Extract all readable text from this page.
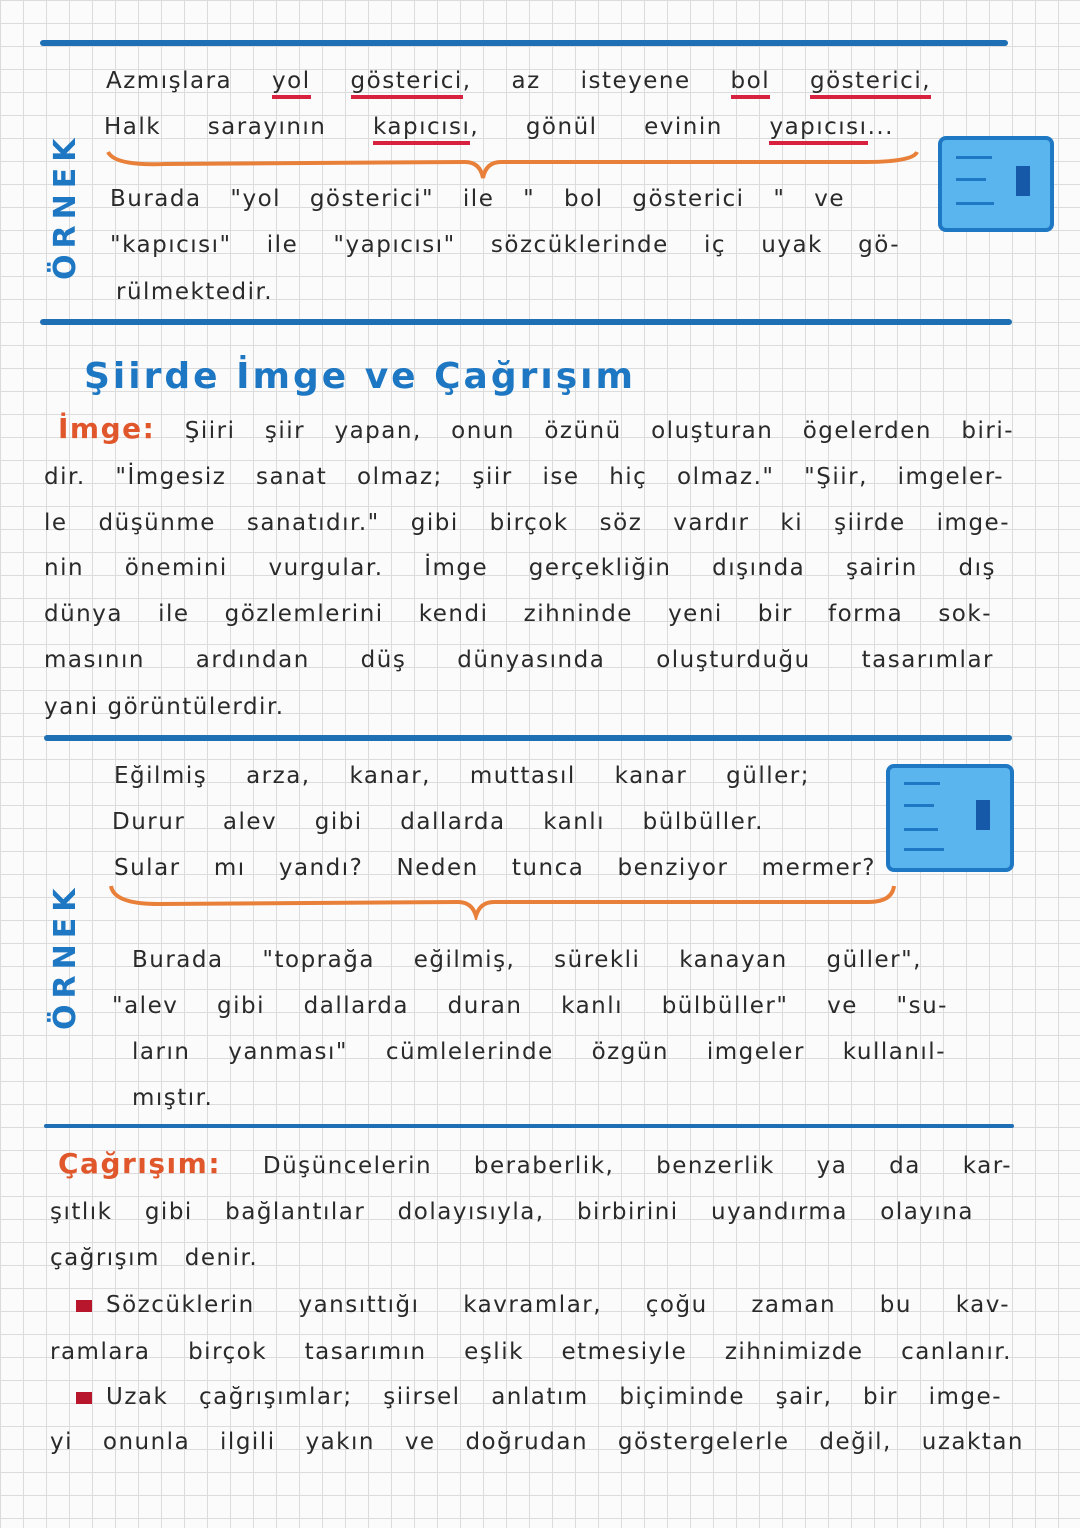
ÖRNEK
Azmışlara yol gösterici, az isteyene bol gösterici,
Halk sarayının kapıcısı, gönül evinin yapıcısı...
Burada "yol gösterici" ile " bol gösterici " ve
"kapıcısı" ile "yapıcısı" sözcüklerinde iç uyak gö-
rülmektedir.
Şiirde İmge ve Çağrışım
İmge: Şiiri şiir yapan, onun özünü oluşturan ögelerden biri-
dir. "İmgesiz sanat olmaz; şiir ise hiç olmaz." "Şiir, imgeler-
le düşünme sanatıdır." gibi birçok söz vardır ki şiirde imge-
nin önemini vurgular. İmge gerçekliğin dışında şairin dış
dünya ile gözlemlerini kendi zihninde yeni bir forma sok-
masının ardından düş dünyasında oluşturduğu tasarımlar
yani görüntülerdir.
ÖRNEK
Eğilmiş arza, kanar, muttasıl kanar güller;
Durur alev gibi dallarda kanlı bülbüller.
Sular mı yandı? Neden tunca benziyor mermer?
Burada "toprağa eğilmiş, sürekli kanayan güller",
"alev gibi dallarda duran kanlı bülbüller" ve "su-
ların yanması" cümlelerinde özgün imgeler kullanıl-
mıştır.
Çağrışım: Düşüncelerin beraberlik, benzerlik ya da kar-
şıtlık gibi bağlantılar dolayısıyla, birbirini uyandırma olayına
çağrışım denir.
Sözcüklerin yansıttığı kavramlar, çoğu zaman bu kav-
ramlara birçok tasarımın eşlik etmesiyle zihnimizde canlanır.
Uzak çağrışımlar; şiirsel anlatım biçiminde şair, bir imge-
yi onunla ilgili yakın ve doğrudan göstergelerle değil, uzaktan
